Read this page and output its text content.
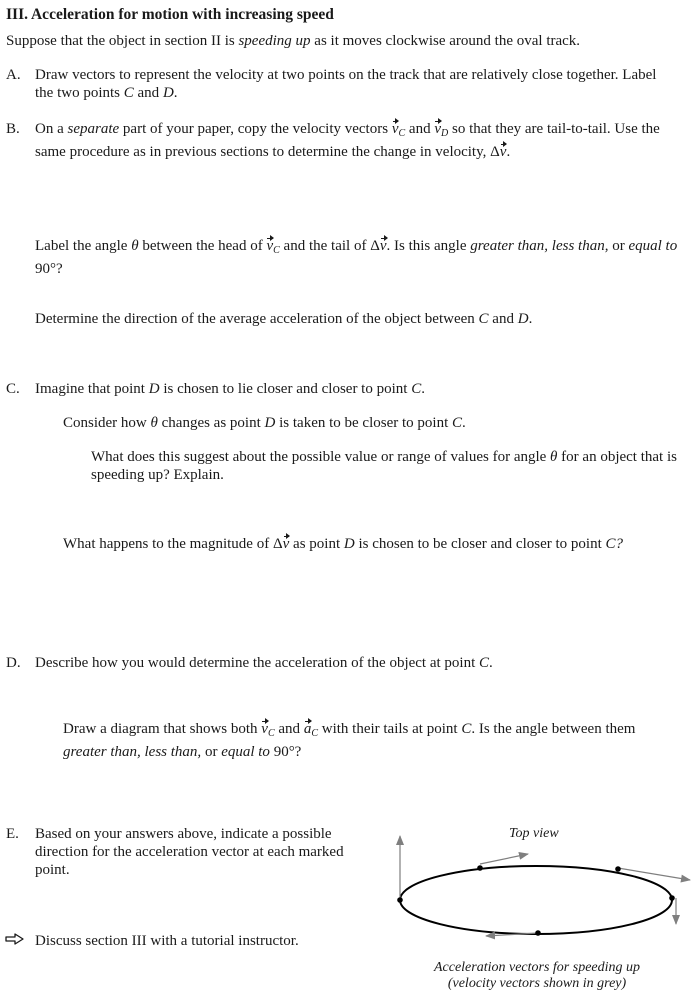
III. Acceleration for motion with increasing speed
Suppose that the object in section II is speeding up as it moves clockwise around the oval track.
A. Draw vectors to represent the velocity at two points on the track that are relatively close together. Label the two points C and D.
B. On a separate part of your paper, copy the velocity vectors $v_C$ and $v_D$ so that they are tail-to-tail. Use the same procedure as in previous sections to determine the change in velocity, Δv.
Label the angle θ between the head of $v_C$ and the tail of Δv. Is this angle greater than, less than, or equal to 90°?
Determine the direction of the average acceleration of the object between C and D.
C. Imagine that point D is chosen to lie closer and closer to point C.
Consider how θ changes as point D is taken to be closer to point C.
What does this suggest about the possible value or range of values for angle θ for an object that is speeding up? Explain.
What happens to the magnitude of Δv as point D is chosen to be closer and closer to point C?
D. Describe how you would determine the acceleration of the object at point C.
Draw a diagram that shows both $v_C$ and $a_C$ with their tails at point C. Is the angle between them greater than, less than, or equal to 90°?
E. Based on your answers above, indicate a possible direction for the acceleration vector at each marked point.
Discuss section III with a tutorial instructor.
Top view
Acceleration vectors for speeding up
(velocity vectors shown in grey)
